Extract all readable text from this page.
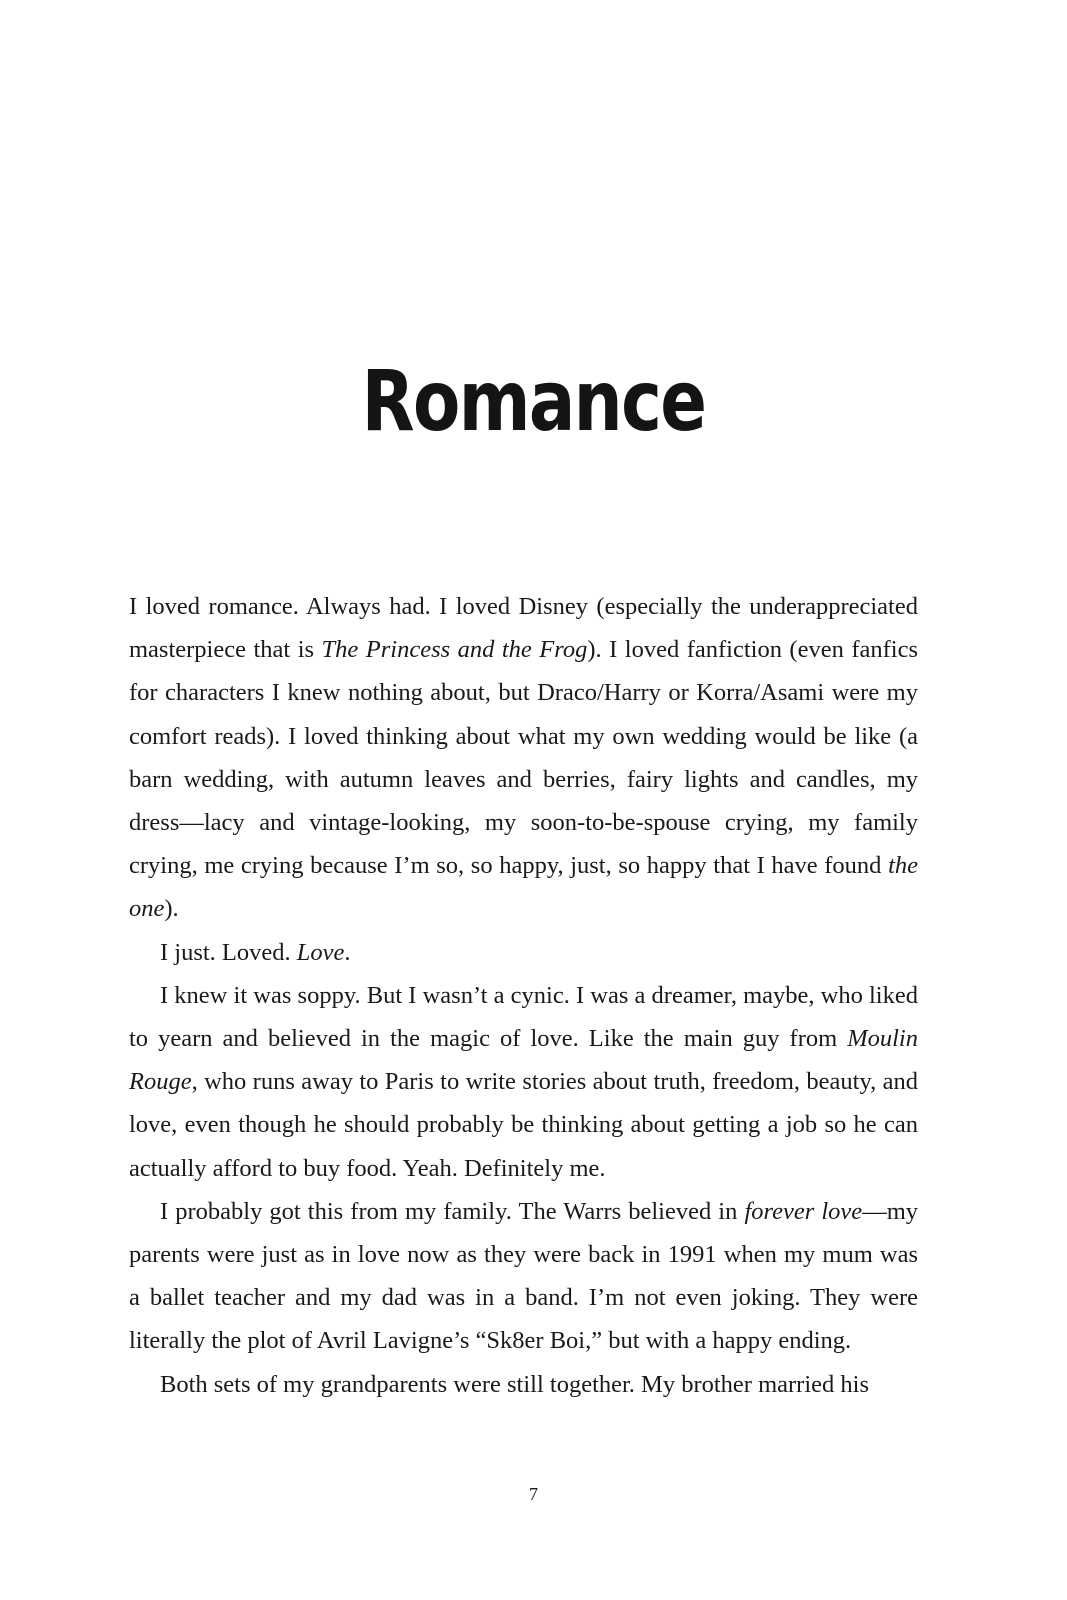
Romance

I loved romance. Always had. I loved Disney (especially the underappreciated masterpiece that is The Princess and the Frog). I loved fanfiction (even fanfics for characters I knew nothing about, but Draco/Harry or Korra/Asami were my comfort reads). I loved thinking about what my own wedding would be like (a barn wedding, with autumn leaves and berries, fairy lights and candles, my dress—lacy and vintage-looking, my soon-to-be-spouse crying, my family crying, me crying because I’m so, so happy, just, so happy that I have found the one).

I just. Loved. Love.

I knew it was soppy. But I wasn’t a cynic. I was a dreamer, maybe, who liked to yearn and believed in the magic of love. Like the main guy from Moulin Rouge, who runs away to Paris to write stories about truth, freedom, beauty, and love, even though he should probably be thinking about getting a job so he can actually afford to buy food. Yeah. Definitely me.

I probably got this from my family. The Warrs believed in forever love—my parents were just as in love now as they were back in 1991 when my mum was a ballet teacher and my dad was in a band. I’m not even joking. They were literally the plot of Avril Lavigne’s “Sk8er Boi,” but with a happy ending.

Both sets of my grandparents were still together. My brother married his

7
